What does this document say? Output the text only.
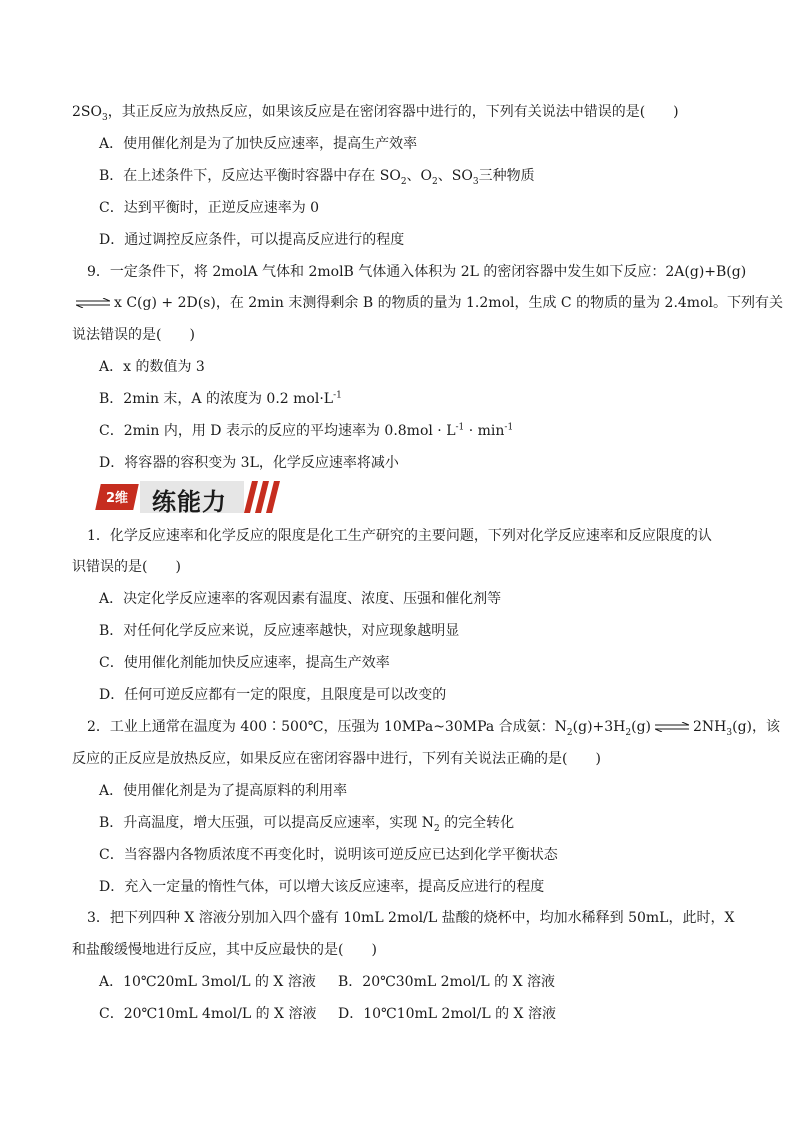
$2SO_3$，其正反应为放热反应，如果该反应是在密闭容器中进行的，下列有关说法中错误的是(　　)
A．使用催化剂是为了加快反应速率，提高生产效率
B．在上述条件下，反应达平衡时容器中存在 $SO_2$、$O_2$、$SO_3$三种物质
C．达到平衡时，正逆反应速率为 0
D．通过调控反应条件，可以提高反应进行的程度
9．一定条件下，将 2molA 气体和 2molB 气体通入体积为 2L 的密闭容器中发生如下反应：2A(g)+B(g)
⇌ x C(g) + 2D(s)，在 2min 末测得剩余 B 的物质的量为 1.2mol，生成 C 的物质的量为 2.4mol。下列有关
说法错误的是(　　)
A．x 的数值为 3
B．2min 末，A 的浓度为 0.2 $mol\cdot L^{-1}$
C．2min 内，用 D 表示的反应的平均速率为 $0.8mol \cdot L^{-1} \cdot \min^{-1}$
D．将容器的容积变为 3L，化学反应速率将减小
2维 练能力
1．化学反应速率和化学反应的限度是化工生产研究的主要问题，下列对化学反应速率和反应限度的认
识错误的是(　　)
A．决定化学反应速率的客观因素有温度、浓度、压强和催化剂等
B．对任何化学反应来说，反应速率越快，对应现象越明显
C．使用催化剂能加快反应速率，提高生产效率
D．任何可逆反应都有一定的限度，且限度是可以改变的
2．工业上通常在温度为 400∶500℃，压强为 10MPa~30MPa 合成氨：$N_2(g)+3H_2(g)$ ⇌ $2NH_3(g)$，该
反应的正反应是放热反应，如果反应在密闭容器中进行，下列有关说法正确的是(　　)
A．使用催化剂是为了提高原料的利用率
B．升高温度，增大压强，可以提高反应速率，实现 $N_2$ 的完全转化
C．当容器内各物质浓度不再变化时，说明该可逆反应已达到化学平衡状态
D．充入一定量的惰性气体，可以增大该反应速率，提高反应进行的程度
3．把下列四种 X 溶液分别加入四个盛有 10mL 2mol/L 盐酸的烧杯中，均加水稀释到 50mL，此时，X
和盐酸缓慢地进行反应，其中反应最快的是(　　)
A．10℃20mL 3mol/L 的 X 溶液 B．20℃30mL 2mol/L 的 X 溶液
C．20℃10mL 4mol/L 的 X 溶液 D．10℃10mL 2mol/L 的 X 溶液
